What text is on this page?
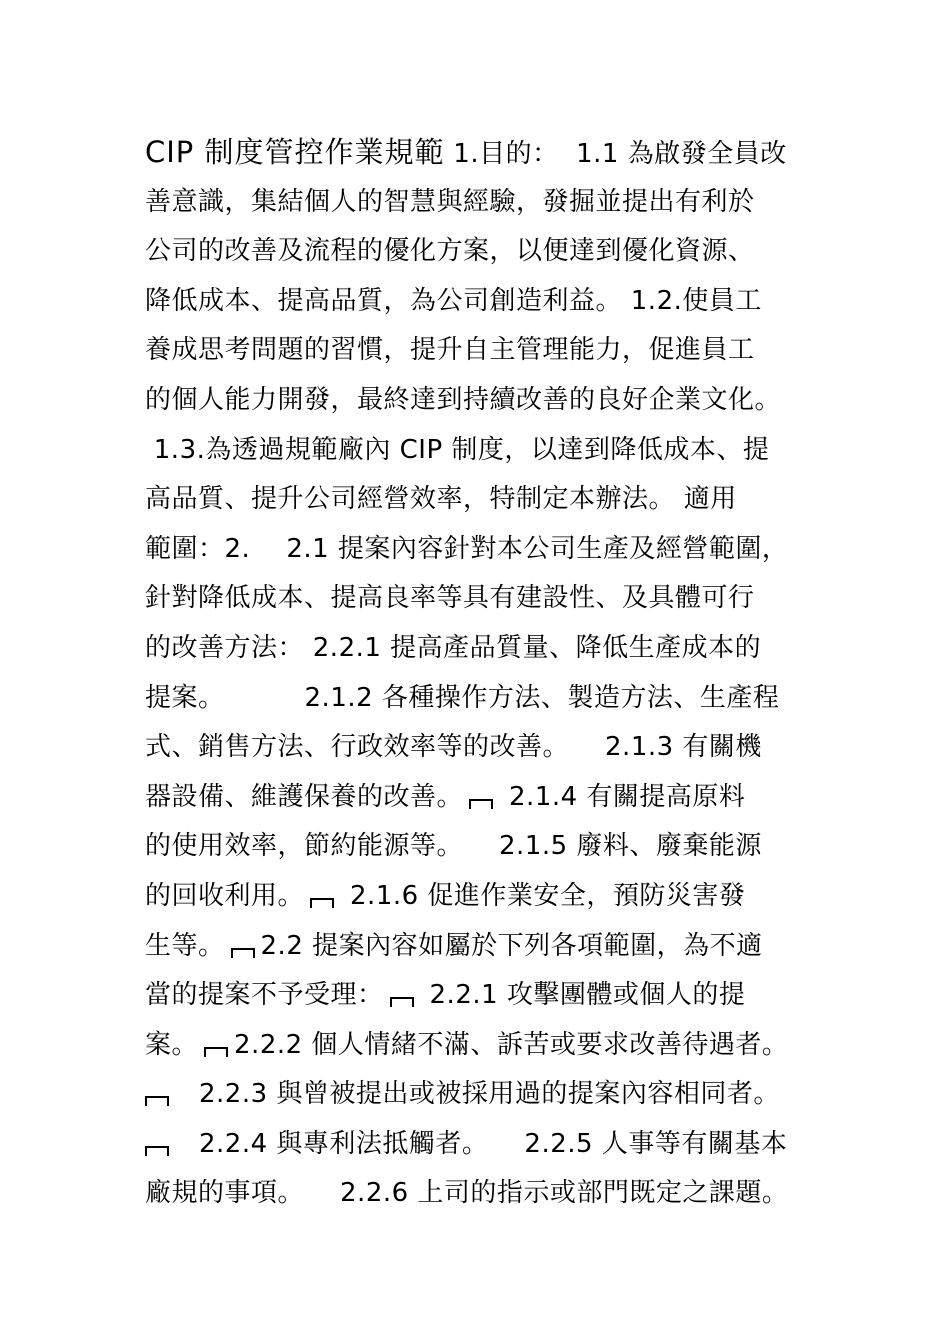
CIP 制度管控作業規範 1.目的：  1.1 為啟發全員改
善意識，集結個人的智慧與經驗，發掘並提出有利於
公司的改善及流程的優化方案，以便達到優化資源、
降低成本、提高品質，為公司創造利益。 1.2.使員工
養成思考問題的習慣，提升自主管理能力，促進員工
的個人能力開發，最終達到持續改善的良好企業文化。
1.3.為透過規範廠內 CIP 制度，以達到降低成本、提
高品質、提升公司經營效率，特制定本辦法。 適用
範圍：2. 2.1 提案內容針對本公司生產及經營範圍，
針對降低成本、提高良率等具有建設性、及具體可行
的改善方法： 2.2.1 提高產品質量、降低生產成本的
提案。	2.1.2 各種操作方法、製造方法、生產程
式、銷售方法、行政效率等的改善。 2.1.3 有關機
器設備、維護保養的改善。 2.1.4 有關提高原料
的使用效率，節約能源等。 2.1.5 廢料、廢棄能源
的回收利用。 2.1.6 促進作業安全，預防災害發
生等。 2.2 提案內容如屬於下列各項範圍，為不適
當的提案不予受理： 2.2.1 攻擊團體或個人的提
案。 2.2.2 個人情緒不滿、訴苦或要求改善待遇者。
2.2.3 與曾被提出或被採用過的提案內容相同者。
2.2.4 與專利法抵觸者。 2.2.5 人事等有關基本
廠規的事項。 2.2.6 上司的指示或部門既定之課題。
